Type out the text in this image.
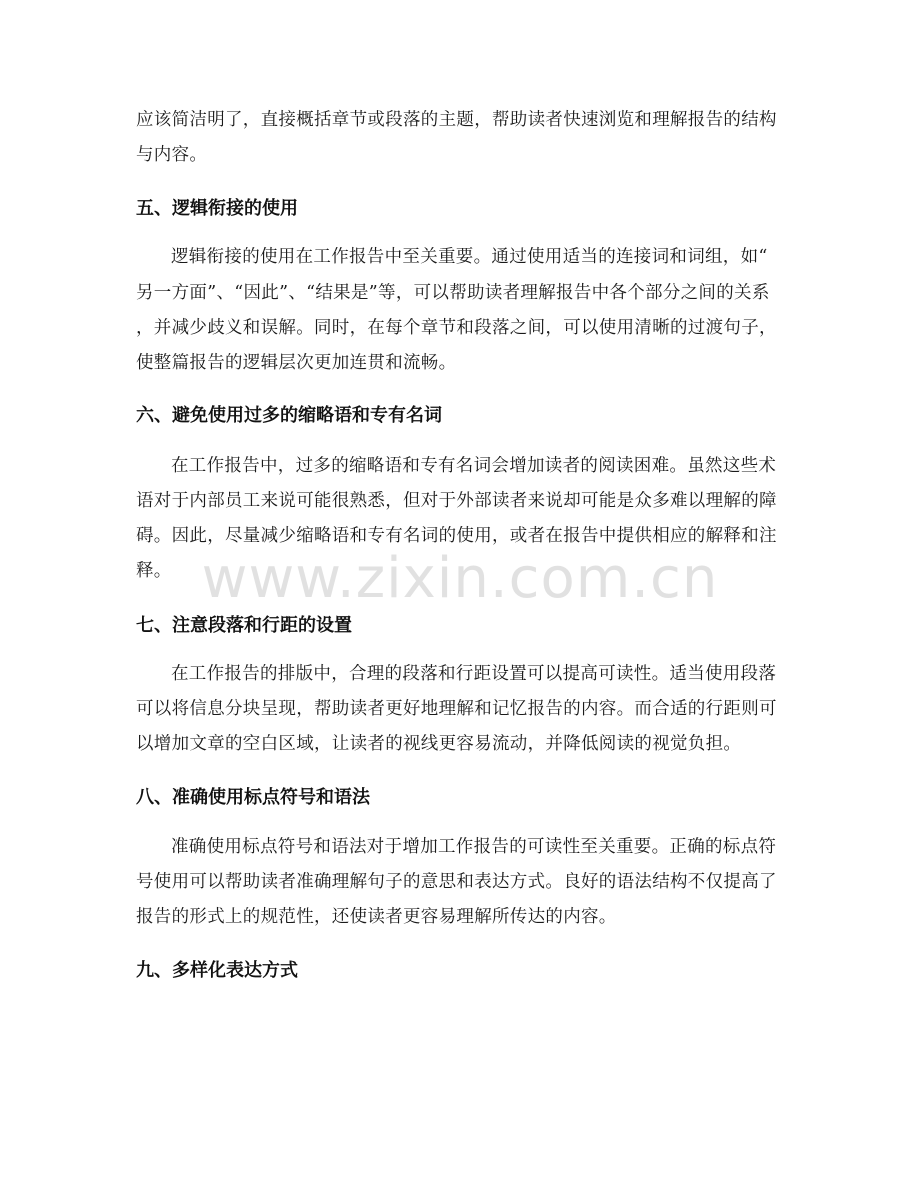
应该简洁明了，直接概括章节或段落的主题，帮助读者快速浏览和理解报告的结构
与内容。
五、逻辑衔接的使用
逻辑衔接的使用在工作报告中至关重要。通过使用适当的连接词和词组，如“
另一方面”、“因此”、“结果是”等，可以帮助读者理解报告中各个部分之间的关系
，并减少歧义和误解。同时，在每个章节和段落之间，可以使用清晰的过渡句子，
使整篇报告的逻辑层次更加连贯和流畅。
六、避免使用过多的缩略语和专有名词
在工作报告中，过多的缩略语和专有名词会增加读者的阅读困难。虽然这些术
语对于内部员工来说可能很熟悉，但对于外部读者来说却可能是众多难以理解的障
碍。因此，尽量减少缩略语和专有名词的使用，或者在报告中提供相应的解释和注
释。
七、注意段落和行距的设置
在工作报告的排版中，合理的段落和行距设置可以提高可读性。适当使用段落
可以将信息分块呈现，帮助读者更好地理解和记忆报告的内容。而合适的行距则可
以增加文章的空白区域，让读者的视线更容易流动，并降低阅读的视觉负担。
八、准确使用标点符号和语法
准确使用标点符号和语法对于增加工作报告的可读性至关重要。正确的标点符
号使用可以帮助读者准确理解句子的意思和表达方式。良好的语法结构不仅提高了
报告的形式上的规范性，还使读者更容易理解所传达的内容。
九、多样化表达方式
www.zixin.com.cn
